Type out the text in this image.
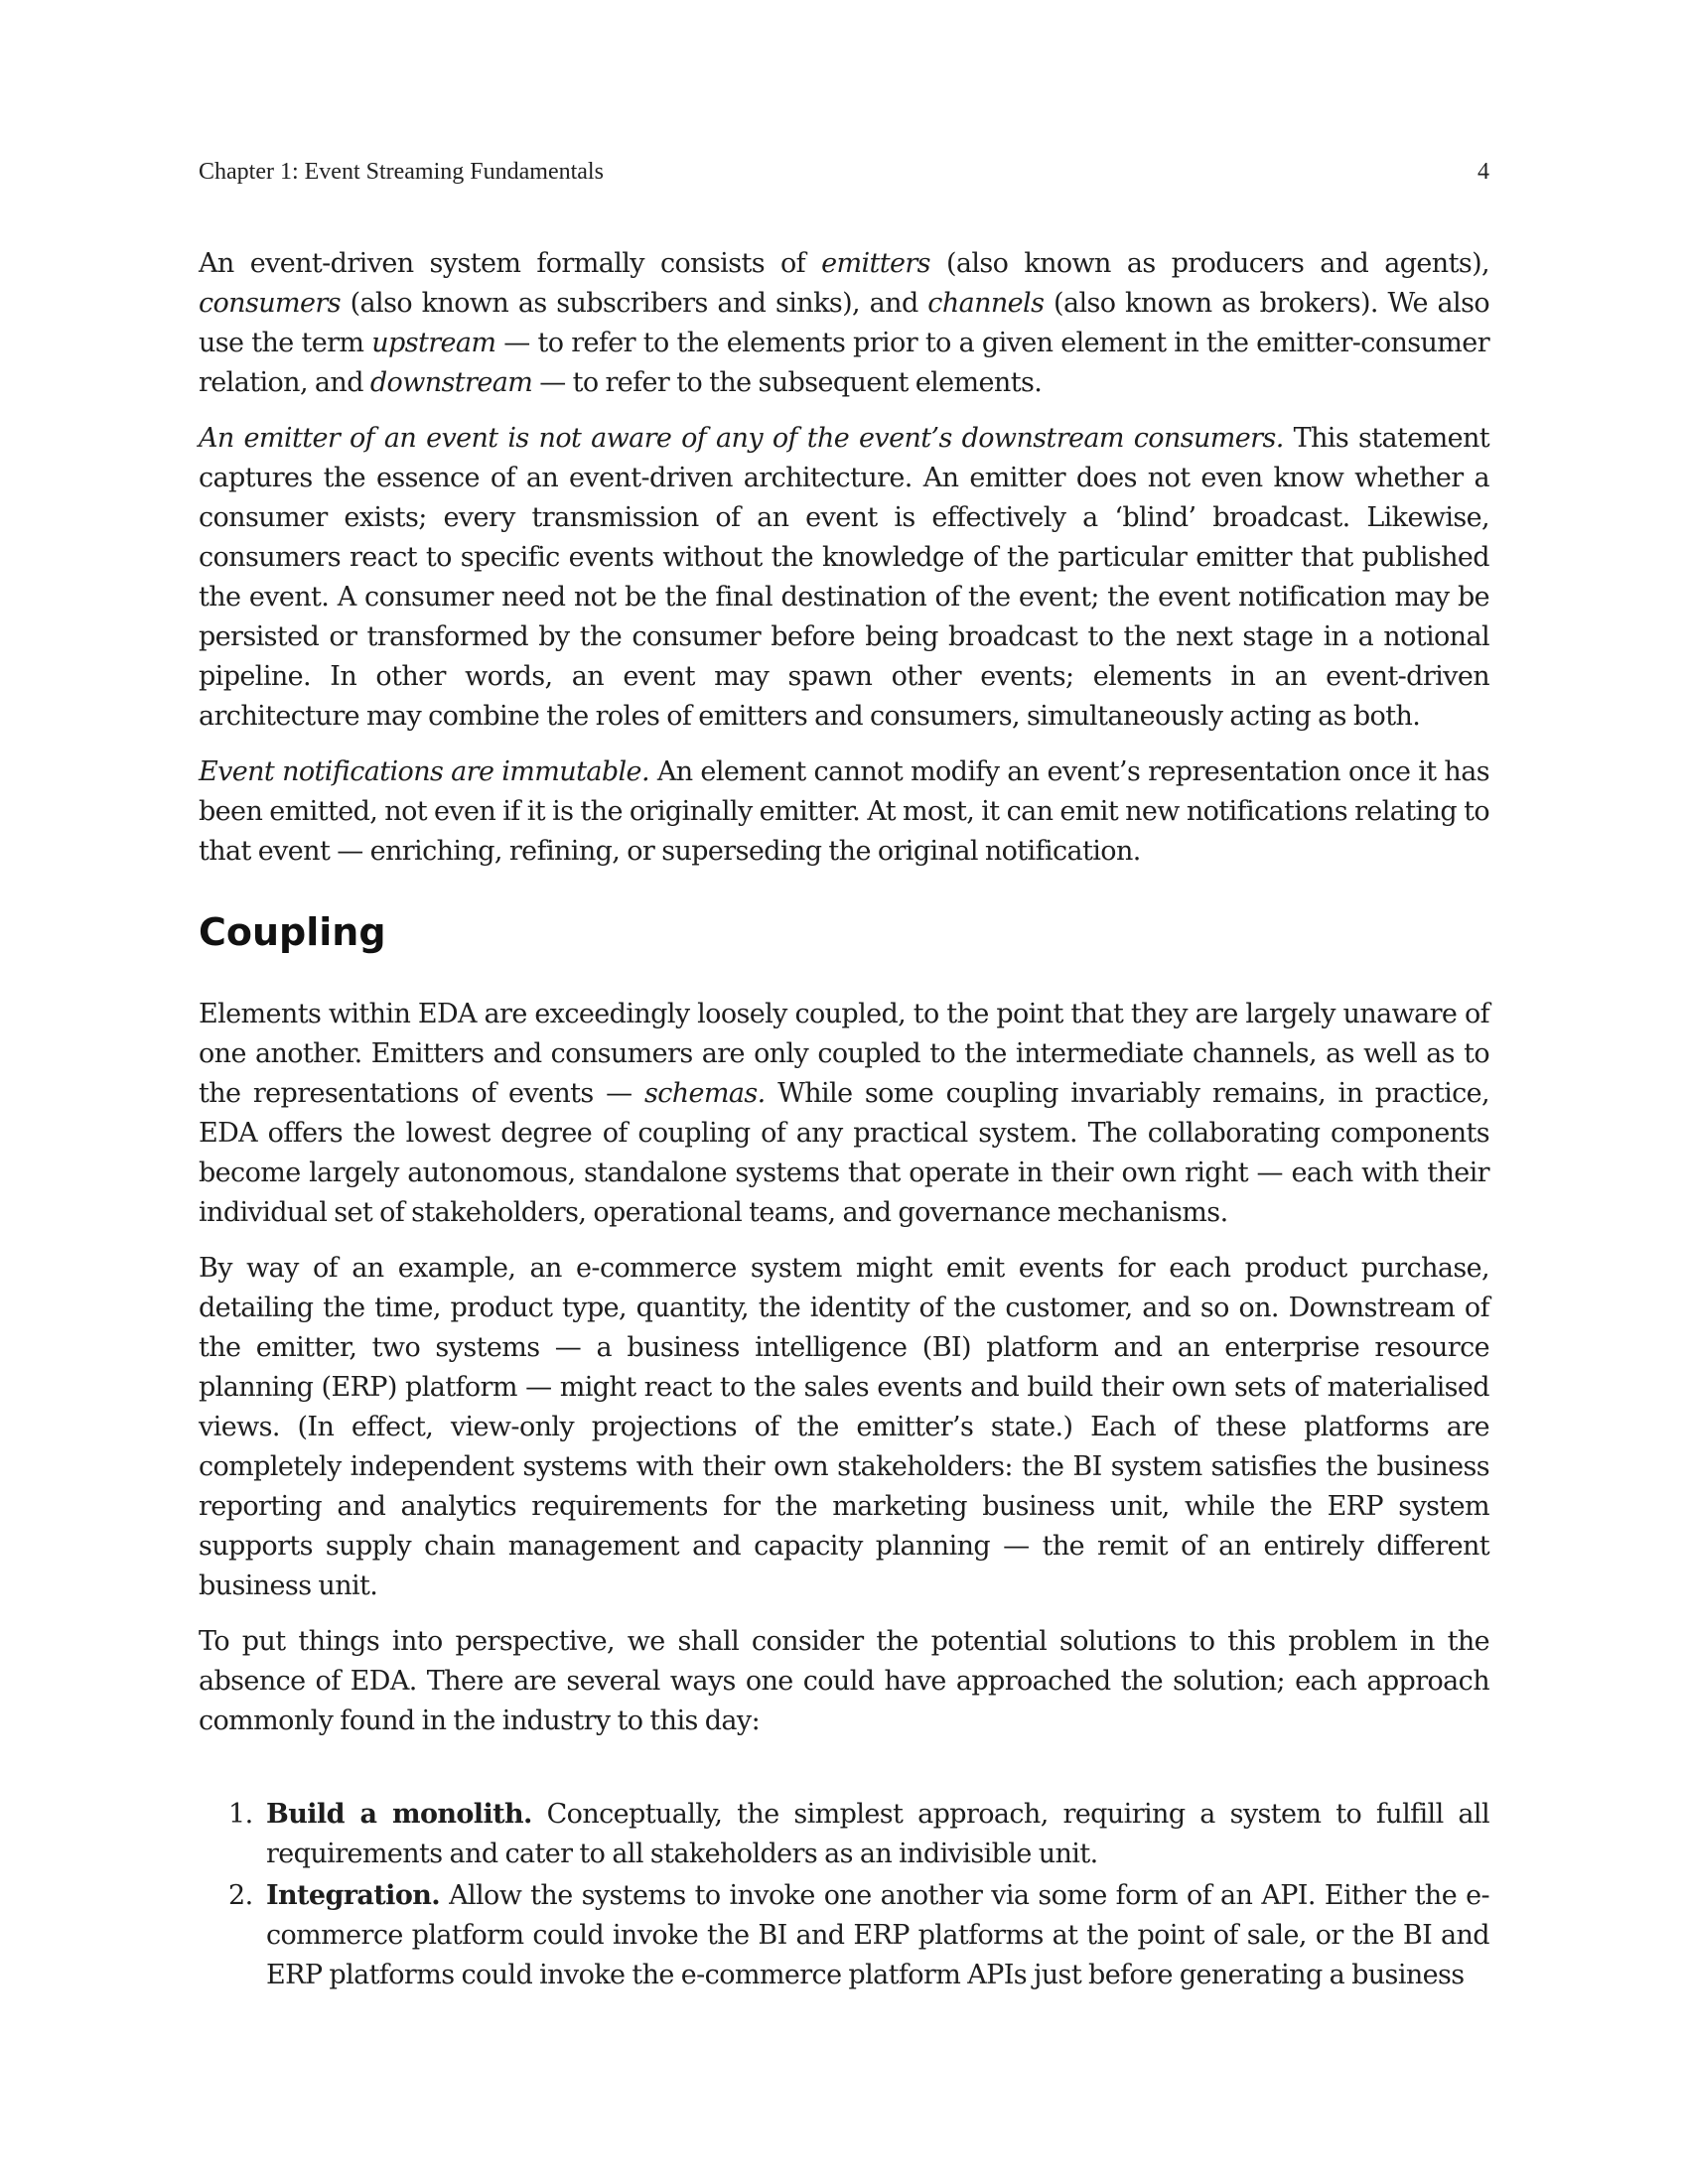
Chapter 1: Event Streaming Fundamentals	4

An event-driven system formally consists of emitters (also known as producers and agents), consumers (also known as subscribers and sinks), and channels (also known as brokers). We also use the term upstream — to refer to the elements prior to a given element in the emitter-consumer relation, and downstream — to refer to the subsequent elements.

An emitter of an event is not aware of any of the event’s downstream consumers. This statement captures the essence of an event-driven architecture. An emitter does not even know whether a consumer exists; every transmission of an event is effectively a ‘blind’ broadcast. Likewise, consumers react to specific events without the knowledge of the particular emitter that published the event. A consumer need not be the final destination of the event; the event notification may be persisted or transformed by the consumer before being broadcast to the next stage in a notional pipeline. In other words, an event may spawn other events; elements in an event-driven architecture may combine the roles of emitters and consumers, simultaneously acting as both.

Event notifications are immutable. An element cannot modify an event’s representation once it has been emitted, not even if it is the originally emitter. At most, it can emit new notifications relating to that event — enriching, refining, or superseding the original notification.

Coupling

Elements within EDA are exceedingly loosely coupled, to the point that they are largely unaware of one another. Emitters and consumers are only coupled to the intermediate channels, as well as to the representations of events — schemas. While some coupling invariably remains, in practice, EDA offers the lowest degree of coupling of any practical system. The collaborating components become largely autonomous, standalone systems that operate in their own right — each with their individual set of stakeholders, operational teams, and governance mechanisms.

By way of an example, an e-commerce system might emit events for each product purchase, detailing the time, product type, quantity, the identity of the customer, and so on. Downstream of the emitter, two systems — a business intelligence (BI) platform and an enterprise resource planning (ERP) platform — might react to the sales events and build their own sets of materialised views. (In effect, view-only projections of the emitter’s state.) Each of these platforms are completely independent systems with their own stakeholders: the BI system satisfies the business reporting and analytics requirements for the marketing business unit, while the ERP system supports supply chain management and capacity planning — the remit of an entirely different business unit.

To put things into perspective, we shall consider the potential solutions to this problem in the absence of EDA. There are several ways one could have approached the solution; each approach commonly found in the industry to this day:

1. Build a monolith. Conceptually, the simplest approach, requiring a system to fulfill all requirements and cater to all stakeholders as an indivisible unit.
2. Integration. Allow the systems to invoke one another via some form of an API. Either the e-commerce platform could invoke the BI and ERP platforms at the point of sale, or the BI and ERP platforms could invoke the e-commerce platform APIs just before generating a business
